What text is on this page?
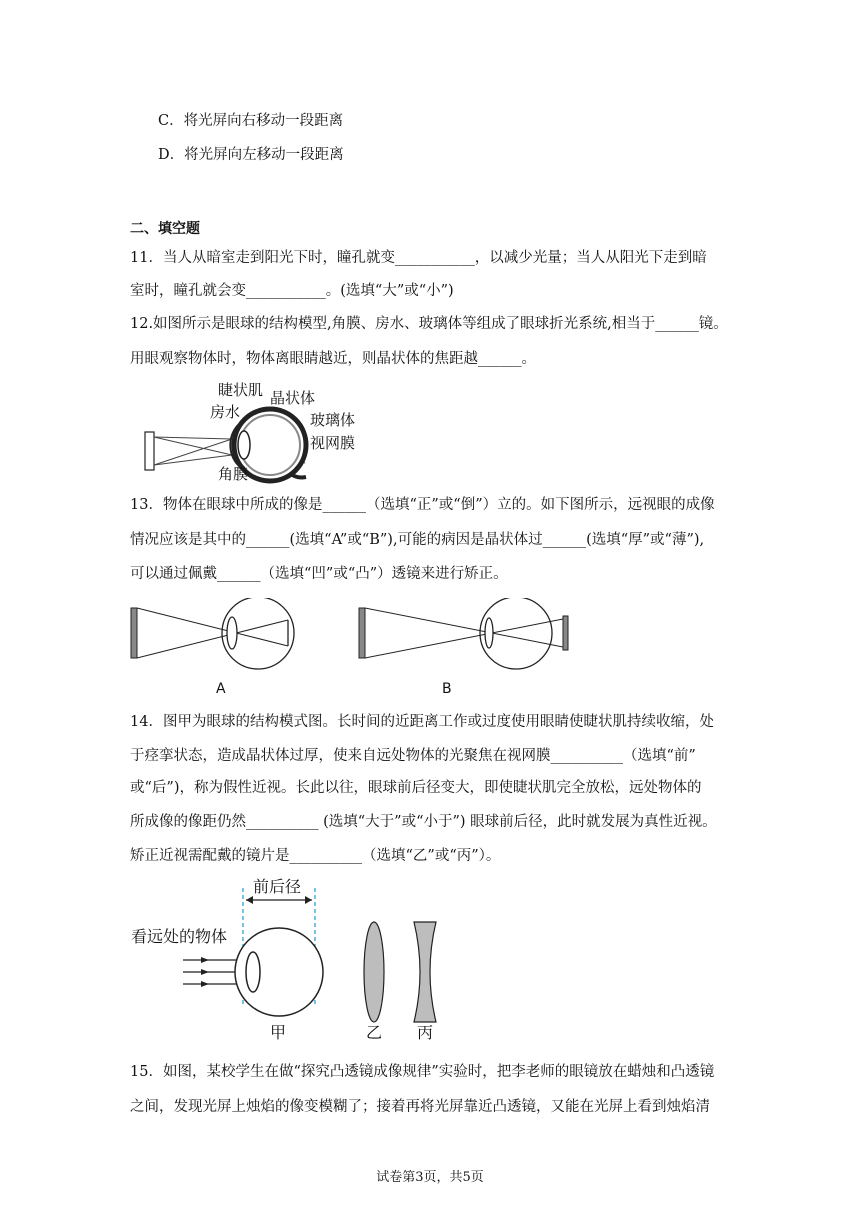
C．将光屏向右移动一段距离
D．将光屏向左移动一段距离
二、填空题
11．当人从暗室走到阳光下时，瞳孔就变___________，以减少光量；当人从阳光下走到暗
室时，瞳孔就会变___________。(选填“大”或“小”)
12.如图所示是眼球的结构模型,角膜、房水、玻璃体等组成了眼球折光系统,相当于______镜。
用眼观察物体时，物体离眼睛越近，则晶状体的焦距越______。
睫状肌 晶状体
房水	玻璃体
视网膜
角膜
13．物体在眼球中所成的像是______（选填“正”或“倒”）立的。如下图所示，远视眼的成像
情况应该是其中的______(选填“A”或“B”),可能的病因是晶状体过______(选填“厚”或“薄”),
可以通过佩戴______（选填“凹”或“凸”）透镜来进行矫正。
A	B
14．图甲为眼球的结构模式图。长时间的近距离工作或过度使用眼睛使睫状肌持续收缩，处
于痉挛状态，造成晶状体过厚，使来自远处物体的光聚焦在视网膜__________（选填“前”
或“后”)，称为假性近视。长此以往，眼球前后径变大，即使睫状肌完全放松，远处物体的
所成像的像距仍然__________ (选填“大于”或“小于”) 眼球前后径，此时就发展为真性近视。
矫正近视需配戴的镜片是__________（选填“乙”或“丙”）。
前后径
看远处的物体
甲	乙 丙
15．如图，某校学生在做“探究凸透镜成像规律”实验时，把李老师的眼镜放在蜡烛和凸透镜
之间，发现光屏上烛焰的像变模糊了；接着再将光屏靠近凸透镜，又能在光屏上看到烛焰清
试卷第3页，共5页
